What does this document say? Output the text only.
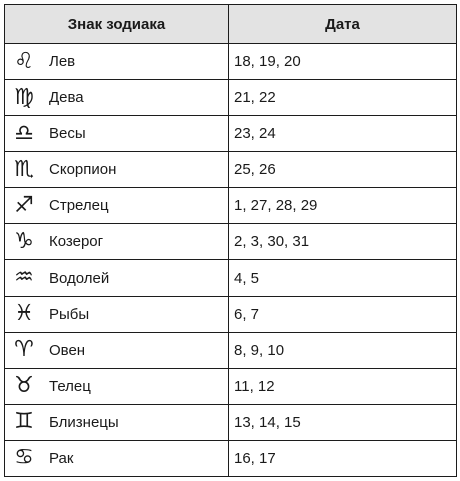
Знак зодиака	Дата

♌ Лев	18, 19, 20

♍ Дева	21, 22

♎ Весы	23, 24

♏ Скорпион	25, 26

♐ Стрелец	1, 27, 28, 29

♑ Козерог	2, 3, 30, 31

♒ Водолей	4, 5

♓ Рыбы	6, 7

♈ Овен	8, 9, 10

♉ Телец	11, 12

♊ Близнецы	13, 14, 15

♋ Рак	16, 17
